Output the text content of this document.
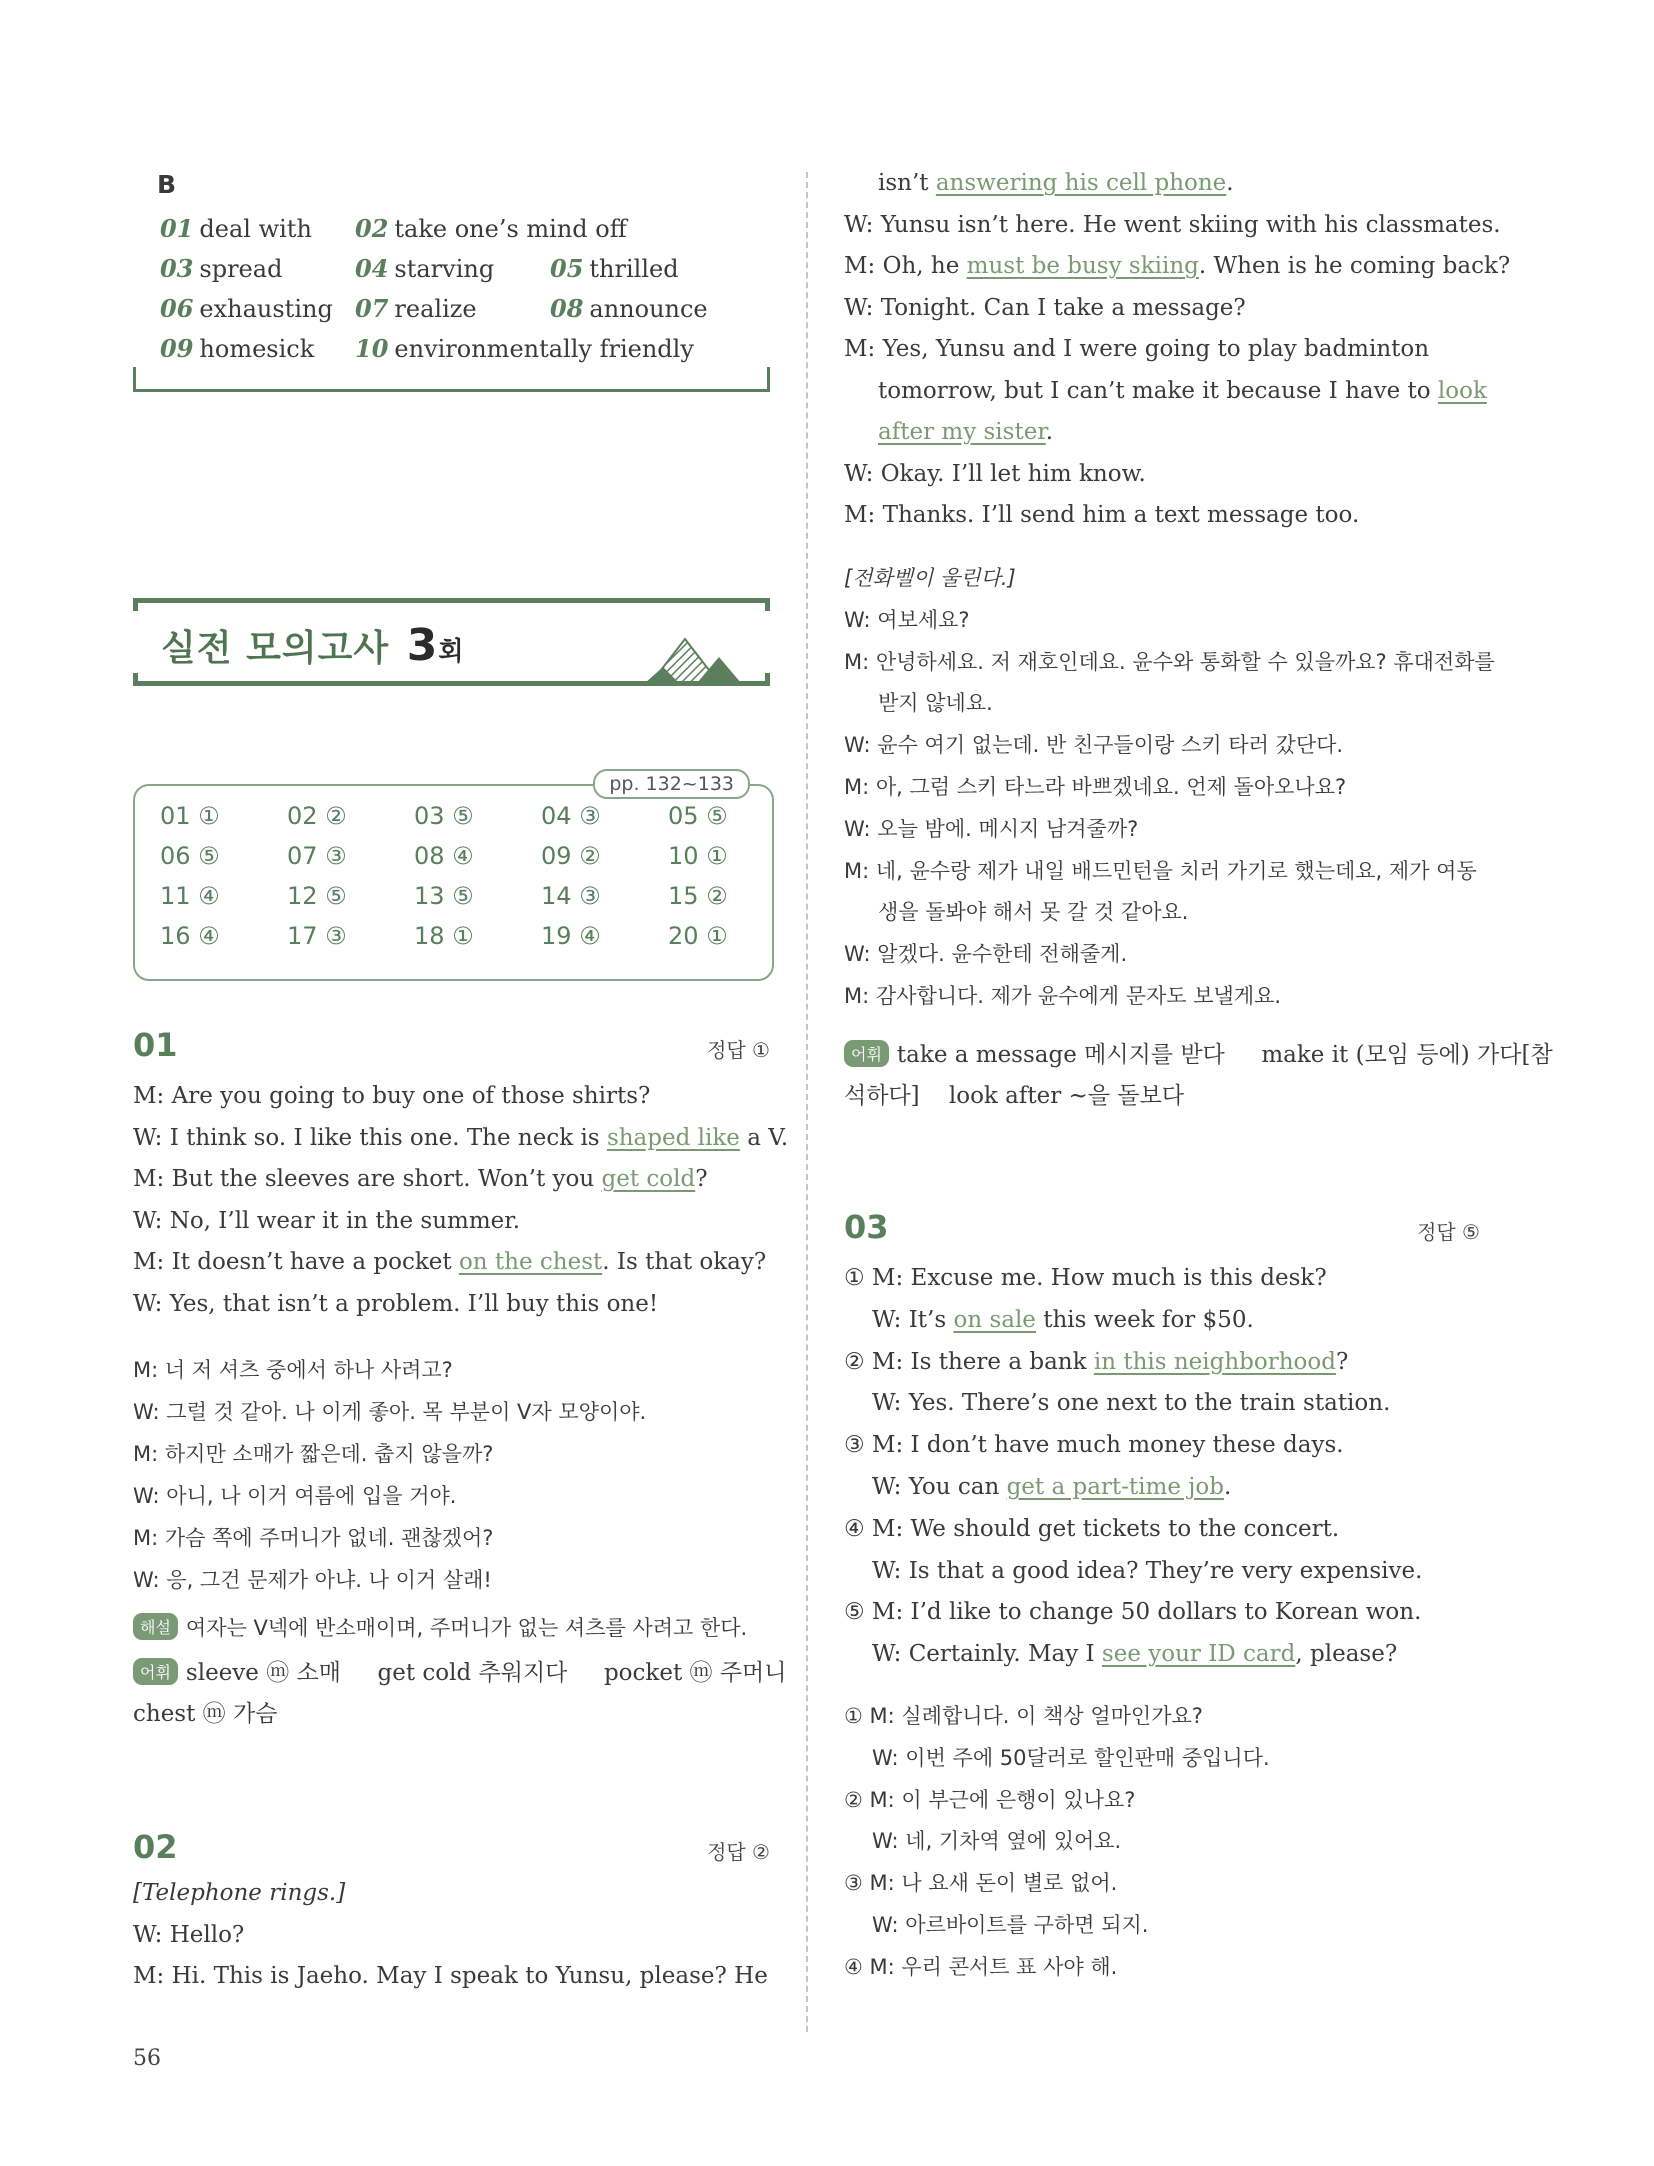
B
01 deal with 02 take one’s mind off
03 spread	04 starving 05 thrilled
06 exhausting 07 realize	08 announce
09 homesick 10 environmentally friendly
실전 모의고사 3회
pp. 132~133
01 ①	02 ②	03 ⑤	04 ③	05 ⑤
06 ⑤	07 ③	08 ④	09 ②	10 ①
11 ④	12 ⑤	13 ⑤	14 ③	15 ②
16 ④	17 ③	18 ①	19 ④	20 ①
01	정답 ①
M: Are you going to buy one of those shirts?
W: I think so. I like this one. The neck is shaped like a V.
M: But the sleeves are short. Won’t you get cold?
W: No, I’ll wear it in the summer.
M: It doesn’t have a pocket on the chest. Is that okay?
W: Yes, that isn’t a problem. I’ll buy this one!
M: 너 저 셔츠 중에서 하나 사려고?
W: 그럴 것 같아. 나 이게 좋아. 목 부분이 V자 모양이야.
M: 하지만 소매가 짧은데. 춥지 않을까?
W: 아니, 나 이거 여름에 입을 거야.
M: 가슴 쪽에 주머니가 없네. 괜찮겠어?
W: 응, 그건 문제가 아냐. 나 이거 살래!
해설 여자는 V넥에 반소매이며, 주머니가 없는 셔츠를 사려고 한다.
어휘 sleeve ⓜ 소매     get cold 추워지다     pocket ⓜ 주머니
chest ⓜ 가슴
02	정답 ②
[Telephone rings.]
W: Hello?
M: Hi. This is Jaeho. May I speak to Yunsu, please? He
56
isn’t answering his cell phone.
W: Yunsu isn’t here. He went skiing with his classmates.
M: Oh, he must be busy skiing. When is he coming back?
W: Tonight. Can I take a message?
M: Yes, Yunsu and I were going to play badminton
tomorrow, but I can’t make it because I have to look
after my sister.
W: Okay. I’ll let him know.
M: Thanks. I’ll send him a text message too.
[전화벨이 울린다.]
W: 여보세요?
M: 안녕하세요. 저 재호인데요. 윤수와 통화할 수 있을까요? 휴대전화를
받지 않네요.
W: 윤수 여기 없는데. 반 친구들이랑 스키 타러 갔단다.
M: 아, 그럼 스키 타느라 바쁘겠네요. 언제 돌아오나요?
W: 오늘 밤에. 메시지 남겨줄까?
M: 네, 윤수랑 제가 내일 배드민턴을 치러 가기로 했는데요, 제가 여동
생을 돌봐야 해서 못 갈 것 같아요.
W: 알겠다. 윤수한테 전해줄게.
M: 감사합니다. 제가 윤수에게 문자도 보낼게요.
어휘 take a message 메시지를 받다     make it (모임 등에) 가다[참
석하다]    look after ~을 돌보다
03	정답 ⑤
① M: Excuse me. How much is this desk?
W: It’s on sale this week for $50.
② M: Is there a bank in this neighborhood?
W: Yes. There’s one next to the train station.
③ M: I don’t have much money these days.
W: You can get a part-time job.
④ M: We should get tickets to the concert.
W: Is that a good idea? They’re very expensive.
⑤ M: I’d like to change 50 dollars to Korean won.
W: Certainly. May I see your ID card, please?
① M: 실례합니다. 이 책상 얼마인가요?
W: 이번 주에 50달러로 할인판매 중입니다.
② M: 이 부근에 은행이 있나요?
W: 네, 기차역 옆에 있어요.
③ M: 나 요새 돈이 별로 없어.
W: 아르바이트를 구하면 되지.
④ M: 우리 콘서트 표 사야 해.
